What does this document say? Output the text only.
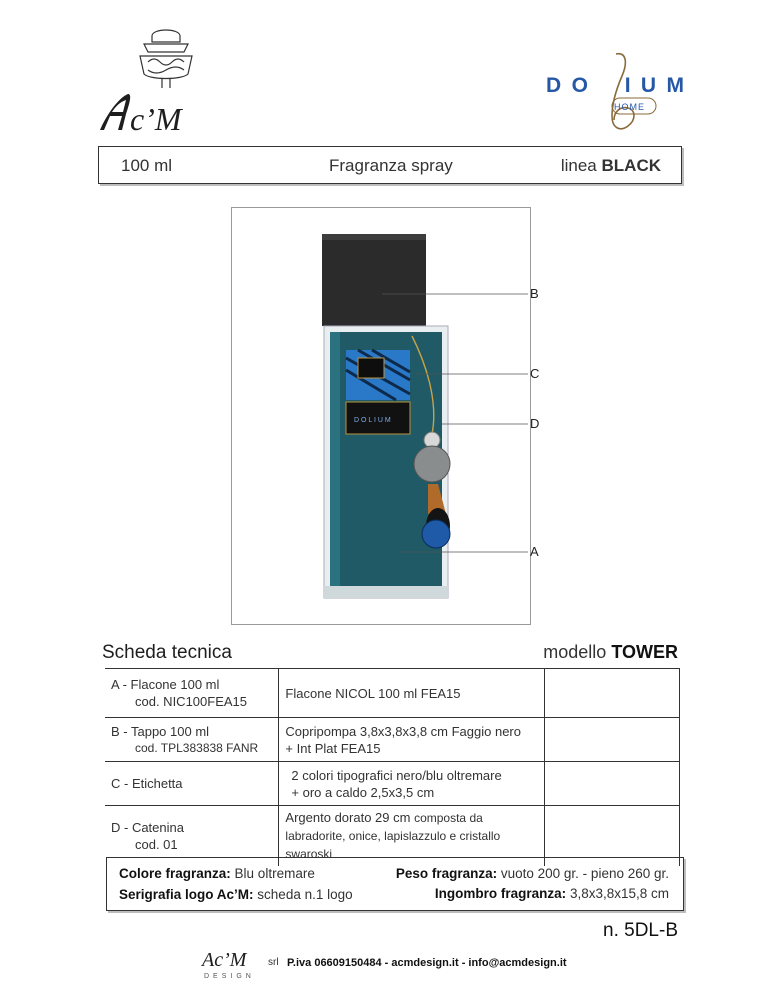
c’M
D O I U M
HOME
100 ml	Fragranza spray	linea BLACK
D O L I U M
B
C
D
A
Scheda tecnica	modello TOWER
A - Flacone 100 ml
cod. NIC100FEA15	Flacone NICOL 100 ml FEA15	
B - Tappo 100 ml
cod. TPL383838 FANR	Copripompa 3,8x3,8x3,8 cm Faggio nero
+ Int Plat FEA15	

C - Etichetta	2 colori tipografici nero/blu oltremare
+ oro a caldo 2,5x3,5 cm	

D - Catenina
cod. 01	Argento dorato 29 cm composta da labradorite, onice, lapislazzulo e cristallo swaroski	
Colore fragranza: Blu oltremare
Serigrafia logo Ac’M: scheda n.1 logo
Peso fragranza: vuoto 200 gr. - pieno 260 gr.
Ingombro fragranza: 3,8x3,8x15,8 cm
n. 5DL-B
Ac’M
DESIGN
srl P.iva 06609150484 - acmdesign.it - info@acmdesign.it
